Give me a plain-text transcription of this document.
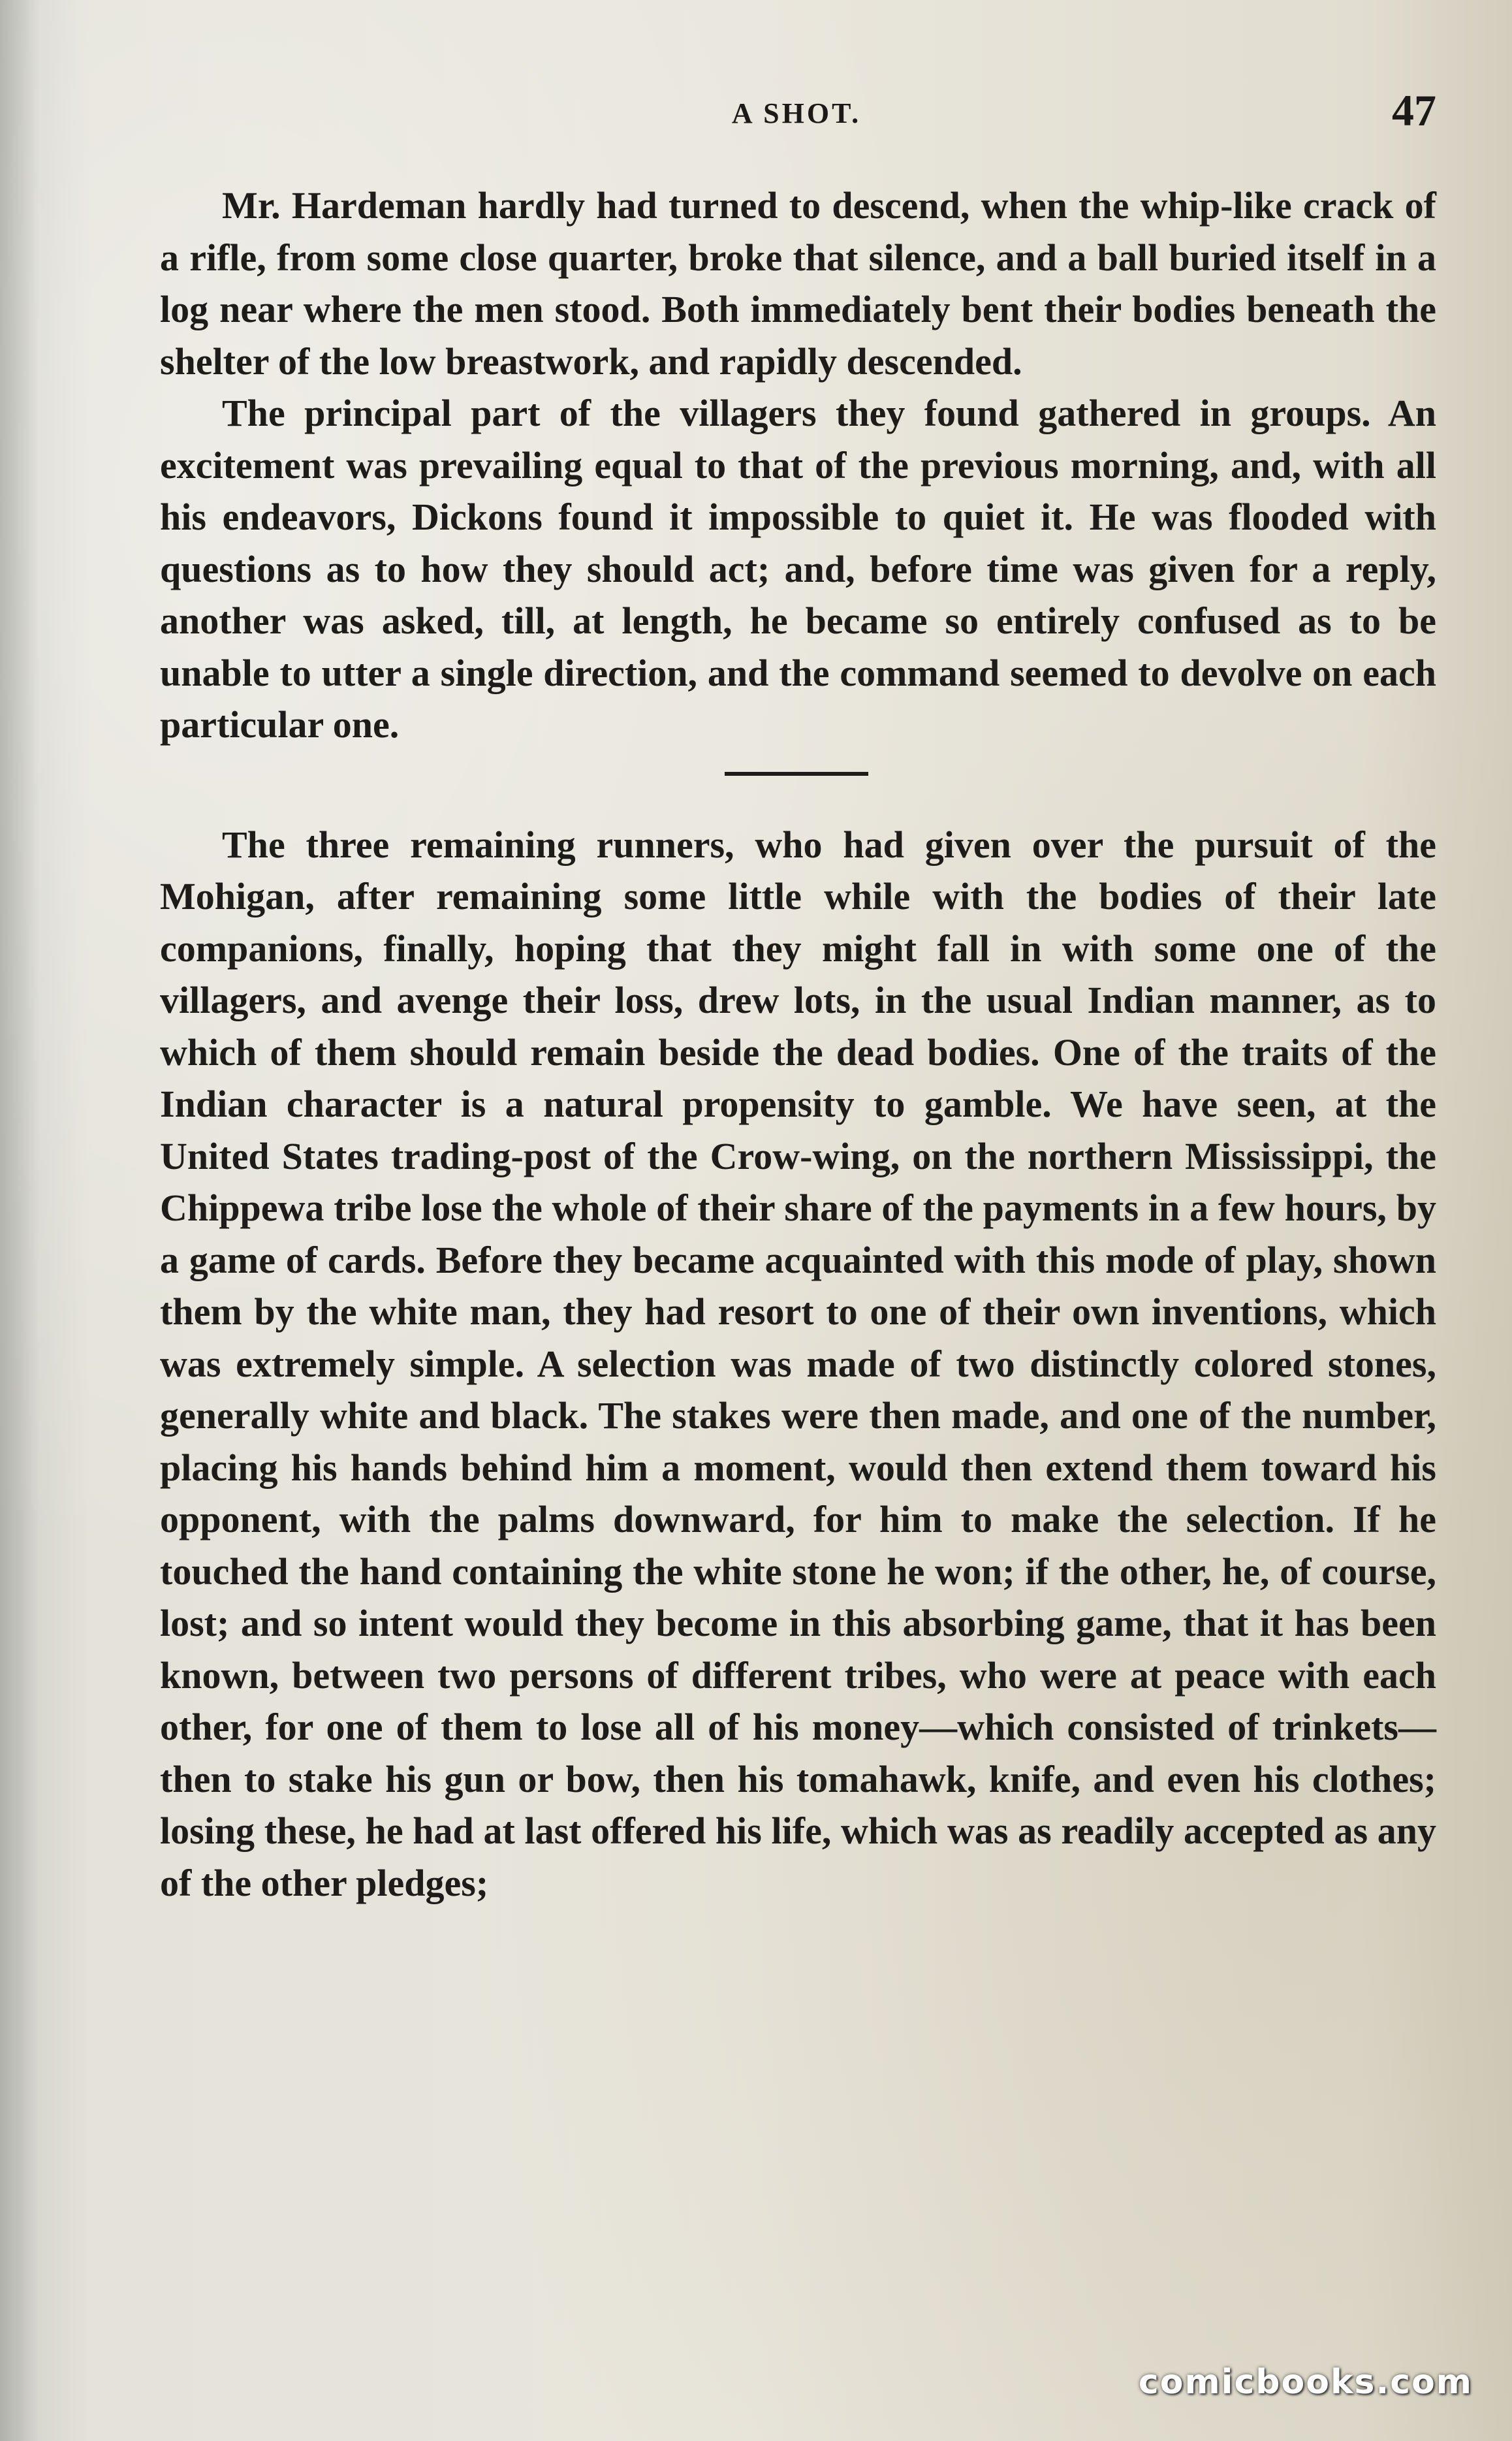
A SHOT.	47

Mr. Hardeman hardly had turned to descend, when the whip-like crack of a rifle, from some close quarter, broke that silence, and a ball buried itself in a log near where the men stood. Both immediately bent their bodies beneath the shelter of the low breastwork, and rapidly descended.

The principal part of the villagers they found gathered in groups. An excitement was prevailing equal to that of the previous morning, and, with all his endeavors, Dickons found it impossible to quiet it. He was flooded with questions as to how they should act; and, before time was given for a reply, another was asked, till, at length, he became so entirely confused as to be unable to utter a single direction, and the command seemed to devolve on each particular one.

The three remaining runners, who had given over the pursuit of the Mohigan, after remaining some little while with the bodies of their late companions, finally, hoping that they might fall in with some one of the villagers, and avenge their loss, drew lots, in the usual Indian manner, as to which of them should remain beside the dead bodies. One of the traits of the Indian character is a natural propensity to gamble. We have seen, at the United States trading-post of the Crow-wing, on the northern Mississippi, the Chippewa tribe lose the whole of their share of the payments in a few hours, by a game of cards. Before they became acquainted with this mode of play, shown them by the white man, they had resort to one of their own inventions, which was extremely simple. A selection was made of two distinctly colored stones, generally white and black. The stakes were then made, and one of the number, placing his hands behind him a moment, would then extend them toward his opponent, with the palms downward, for him to make the selection. If he touched the hand containing the white stone he won; if the other, he, of course, lost; and so intent would they become in this absorbing game, that it has been known, between two persons of different tribes, who were at peace with each other, for one of them to lose all of his money—which consisted of trinkets—then to stake his gun or bow, then his tomahawk, knife, and even his clothes; losing these, he had at last offered his life, which was as readily accepted as any of the other pledges;

comicbooks.com
